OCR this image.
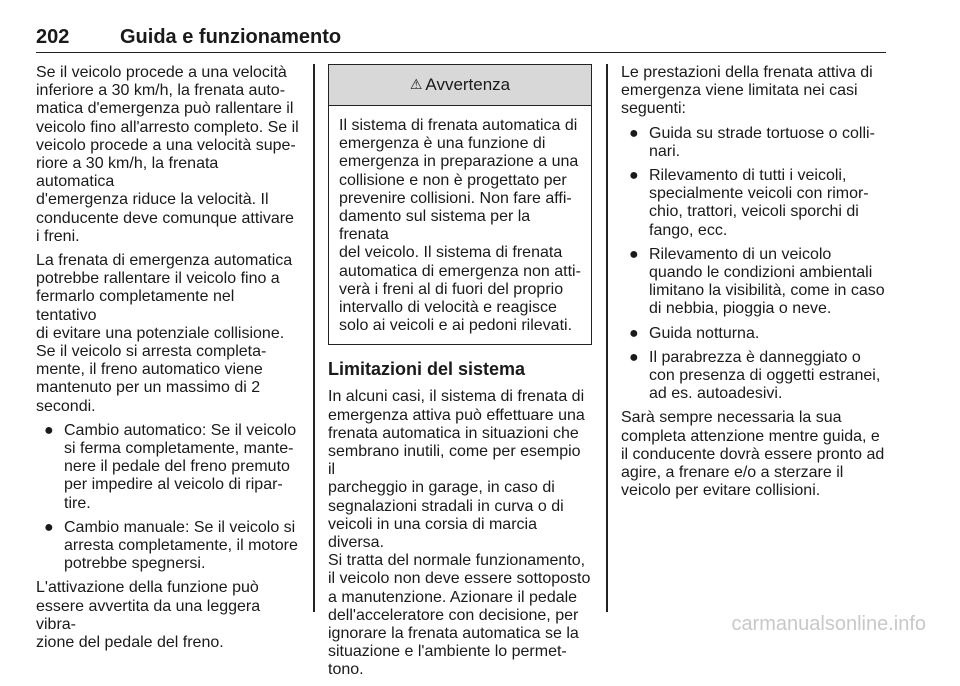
202	Guida e funzionamento

Se il veicolo procede a una velocità
inferiore a 30 km/h, la frenata auto-
matica d'emergenza può rallentare il
veicolo fino all'arresto completo. Se il
veicolo procede a una velocità supe-
riore a 30 km/h, la frenata automatica
d'emergenza riduce la velocità. Il
conducente deve comunque attivare
i freni.

La frenata di emergenza automatica
potrebbe rallentare il veicolo fino a
fermarlo completamente nel tentativo
di evitare una potenziale collisione.
Se il veicolo si arresta completa-
mente, il freno automatico viene
mantenuto per un massimo di 2
secondi.

● Cambio automatico: Se il veicolo
si ferma completamente, mante-
nere il pedale del freno premuto
per impedire al veicolo di ripar-
tire.
● Cambio manuale: Se il veicolo si
arresta completamente, il motore
potrebbe spegnersi.

L'attivazione della funzione può
essere avvertita da una leggera vibra-
zione del pedale del freno.

⚠ Avvertenza
Il sistema di frenata automatica di
emergenza è una funzione di
emergenza in preparazione a una
collisione e non è progettato per
prevenire collisioni. Non fare affi-
damento sul sistema per la frenata
del veicolo. Il sistema di frenata
automatica di emergenza non atti-
verà i freni al di fuori del proprio
intervallo di velocità e reagisce
solo ai veicoli e ai pedoni rilevati.
Limitazioni del sistema

In alcuni casi, il sistema di frenata di
emergenza attiva può effettuare una
frenata automatica in situazioni che
sembrano inutili, come per esempio il
parcheggio in garage, in caso di
segnalazioni stradali in curva o di
veicoli in una corsia di marcia diversa.
Si tratta del normale funzionamento,
il veicolo non deve essere sottoposto
a manutenzione. Azionare il pedale
dell'acceleratore con decisione, per
ignorare la frenata automatica se la
situazione e l'ambiente lo permet-
tono.

Le prestazioni della frenata attiva di
emergenza viene limitata nei casi
seguenti:

● Guida su strade tortuose o colli-
nari.
● Rilevamento di tutti i veicoli,
specialmente veicoli con rimor-
chio, trattori, veicoli sporchi di
fango, ecc.
● Rilevamento di un veicolo
quando le condizioni ambientali
limitano la visibilità, come in caso
di nebbia, pioggia o neve.
● Guida notturna.
● Il parabrezza è danneggiato o
con presenza di oggetti estranei,
ad es. autoadesivi.

Sarà sempre necessaria la sua
completa attenzione mentre guida, e
il conducente dovrà essere pronto ad
agire, a frenare e/o a sterzare il
veicolo per evitare collisioni.

carmanualsonline.info
